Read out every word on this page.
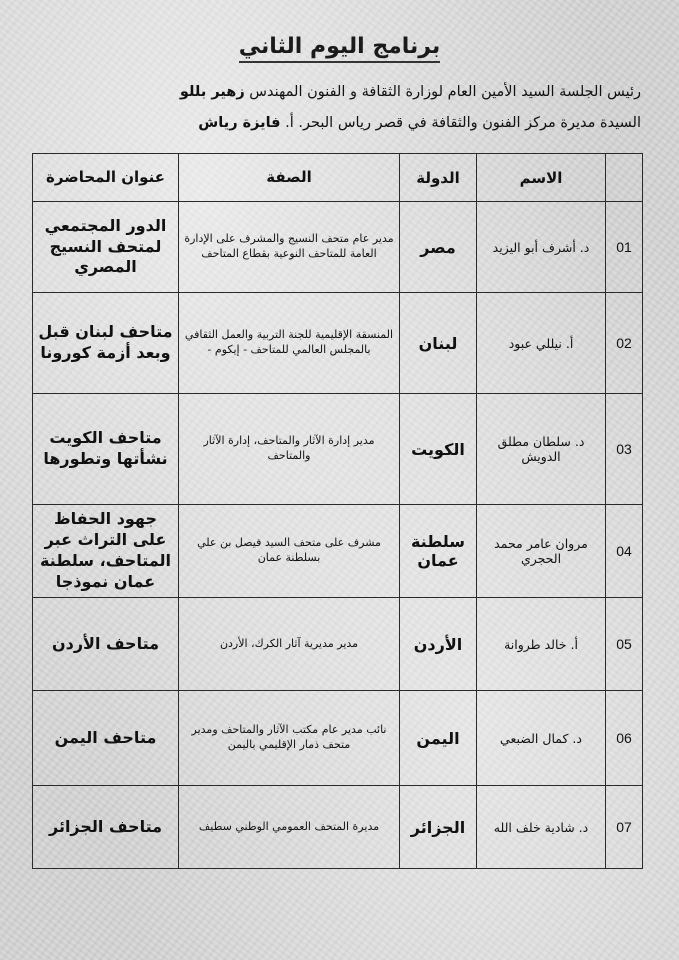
برنامج اليوم الثاني
رئيس الجلسة السيد الأمين العام لوزارة الثقافة و الفنون المهندس زهير بللو
السيدة مديرة مركز الفنون والثقافة في قصر رياس البحر. أ. فايزة رياش
	الاسم	الدولة	الصفة	عنوان المحاضرة
01	د. أشرف أبو اليزيد	مصر	مدير عام متحف النسيج والمشرف على الإدارة العامة للمتاحف النوعية بقطاع المتاحف	الدور المجتمعي لمتحف النسيج المصري
02	أ. نيللي عبود	لبنان	المنسقة الإقليمية للجنة التربية والعمل الثقافي بالمجلس العالمي للمتاحف - إيكوم -	متاحف لبنان قبل وبعد أزمة كورونا
03	د. سلطان مطلق الدويش	الكويت	مدير إدارة الآثار والمتاحف، إدارة الآثار والمتاحف	متاحف الكويت نشأتها وتطورها
04	مروان عامر محمد الحجري	سلطنة عمان	مشرف على متحف السيد فيصل بن علي بسلطنة عمان	جهود الحفاظ على التراث عبر المتاحف، سلطنة عمان نموذجا
05	أ. خالد طروانة	الأردن	مدير مديرية آثار الكرك، الأردن	متاحف الأردن
06	د. كمال الضبعي	اليمن	نائب مدير عام مكتب الآثار والمتاحف ومدير متحف ذمار الإقليمي باليمن	متاحف اليمن
07	د. شادية خلف الله	الجزائر	مديرة المتحف العمومي الوطني سطيف	متاحف الجزائر
